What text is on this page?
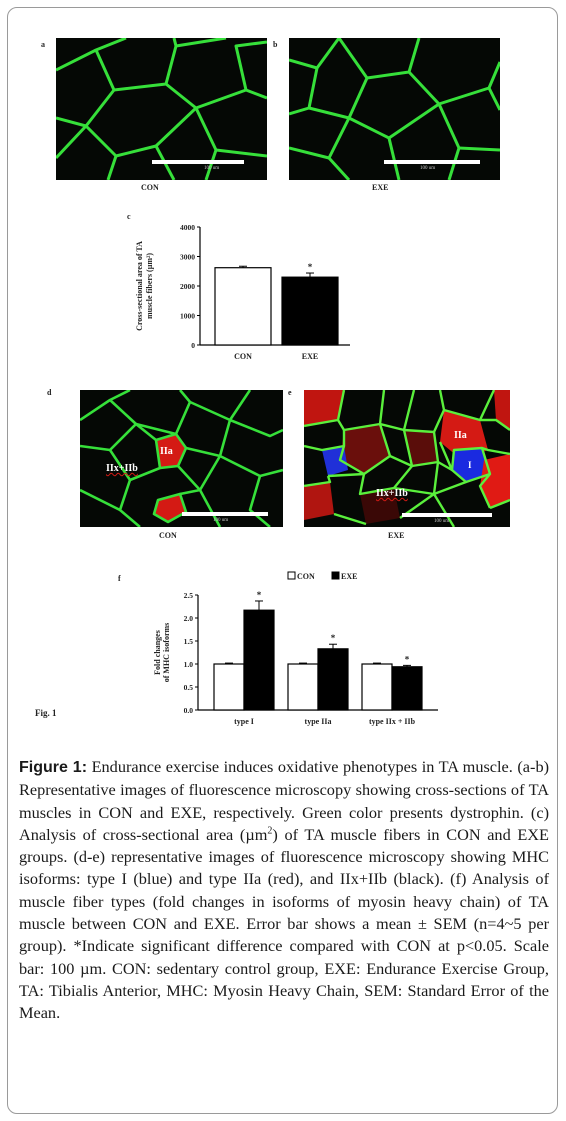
a
100 um
CON
b
100 um
EXE
c
0
1000
2000
3000
4000
Cross-sectional area of TAmuscle fibers (µm²)
CON
*
EXE
d
IIa
IIx+IIb
100 um
CON
e
IIa
I
IIx+IIb
100 um
EXE
f	CON	EXE
0.0
0.5
1.0
1.5
2.0
2.5
Fold changesof MHC isoforms
*
type I
*
type IIa
*
type IIx + IIb
Fig. 1
Figure 1: Endurance exercise induces oxidative phenotypes in TA muscle. (a-b) Representative images of fluorescence microscopy showing cross-sections of TA muscles in CON and EXE, respectively. Green color presents dystrophin. (c) Analysis of cross-sectional area (µm$^2$) of TA muscle fibers in CON and EXE groups. (d-e) representative images of fluorescence microscopy showing MHC isoforms: type I (blue) and type IIa (red), and IIx+IIb (black). (f) Analysis of muscle fiber types (fold changes in isoforms of myosin heavy chain) of TA muscle between CON and EXE. Error bar shows a mean ± SEM (n=4~5 per group). *Indicate significant difference compared with CON at p<0.05. Scale bar: 100 µm. CON: sedentary control group, EXE: Endurance Exercise Group, TA: Tibialis Anterior, MHC: Myosin Heavy Chain, SEM: Standard Error of the Mean.
